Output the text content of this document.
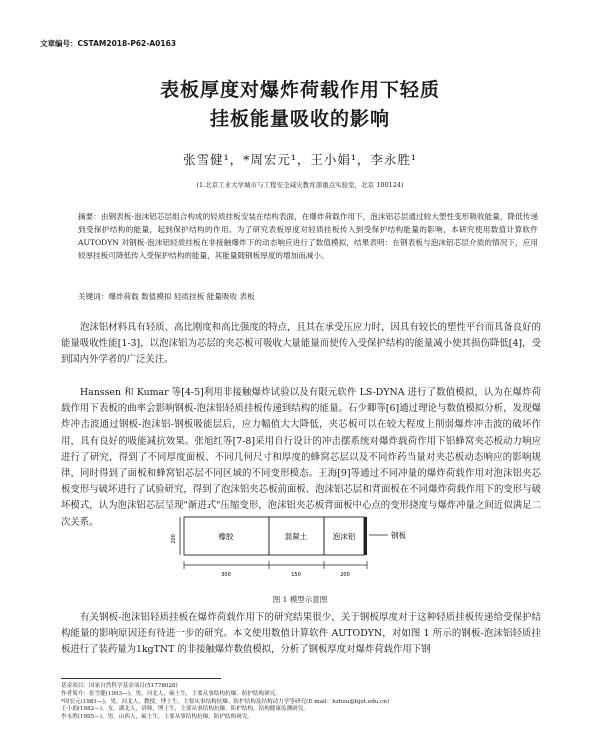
文章编号：CSTAM2018-P62-A0163
表板厚度对爆炸荷载作用下轻质
挂板能量吸收的影响
张雪健¹，*周宏元¹，王小娟¹，李永胜¹
(1.北京工业大学城市与工程安全减灾教育部重点实验室，北京 100124)
摘要：由钢表板-泡沫铝芯层组合构成的轻质挂板安装在结构表面，在爆炸荷载作用下，泡沫铝芯层通过较大塑性变形吸收能量，降低传递到受保护结构的能量，起到保护结构的作用。为了研究表板厚度对轻质挂板传入到受保护结构能量的影响，本研究使用数值计算软件 AUTODYN 对钢板-泡沫铝轻质挂板在非接触爆炸下的动态响应进行了数值模拟，结果表明：在钢表板与泡沫铝芯层介质的情况下，应用较厚挂板可降低传入受保护结构的能量，其能量随钢板厚度的增加而减小。
关键词：爆炸荷载 数值模拟 轻质挂板 能量吸收 表板
泡沫铝材料具有轻质、高比刚度和高比强度的特点，且其在承受压应力时，因具有较长的塑性平台而具备良好的能量吸收性能[1-3]，以泡沫铝为芯层的夹芯板可吸收大量能量而使传入受保护结构的能量减小使其损伤降低[4]，受到国内外学者的广泛关注。
Hanssen 和 Kumar 等[4-5]利用非接触爆炸试验以及有限元软件 LS-DYNA 进行了数值模拟，认为在爆炸荷载作用下表板的曲率会影响钢板-泡沫铝轻质挂板传递到结构的能量。石少卿等[6]通过理论与数值模拟分析，发现爆炸冲击波通过钢板-泡沫铝-钢板吸能层后，应力幅值大大降低，夹芯板可以在较大程度上削弱爆炸冲击波的破坏作用，具有良好的吸能减抗效果。张旭红等[7-8]采用自行设计的冲击摆系统对爆炸载荷作用下铝蜂窝夹芯板动力响应进行了研究，得到了不同厚度面板、不同几何尺寸和厚度的蜂窝芯层以及不同炸药当量对夹芯板动态响应的影响规律，同时得到了面板和蜂窝铝芯层不同区域的不同变形模态。王海[9]等通过不同冲量的爆炸荷载作用对泡沫铝夹芯板变形与破坏进行了试验研究，得到了泡沫铝夹芯板前面板、泡沫铝芯层和背面板在不同爆炸荷载作用下的变形与破坏模式，认为泡沫铝芯层呈现"渐进式"压缩变形，泡沫铝夹芯板背面板中心点的变形挠度与爆炸冲量之间近似满足二次关系。
200	橡胶	混凝土	泡沫铝	钢板
300	150	200
图 1 模型示意图
有关钢板-泡沫铝轻质挂板在爆炸荷载作用下的研究结果很少，关于钢板厚度对于这种轻质挂板传递给受保护结构能量的影响原因还有待进一步的研究。本文使用数值计算软件 AUTODYN，对如图 1 所示的钢板-泡沫铝轻质挂板进行了装药量为1kgTNT 的非接触爆炸数值模拟，分析了钢板厚度对爆炸荷载作用下钢
基金项目：国家自然科学基金项目(51778028)
作者简介：张雪健(1993—)，男，河北人，硕士生，主要从事结构抗爆、防护结构研究。
*周宏元(1981—)，男，河北人，教授，博士生，主要从事结构抗爆、防护结构及结构动力学等研究(E-mail：hzhou@bjut.edu.cn)
王小娟(1982—)，女，湖北人，讲师，博士生，主要从事结构抗爆、防护结构、结构健康监测研究。
李永胜(1995—)，男，山西人，硕士生，主要从事结构抗爆、防护结构研究。
